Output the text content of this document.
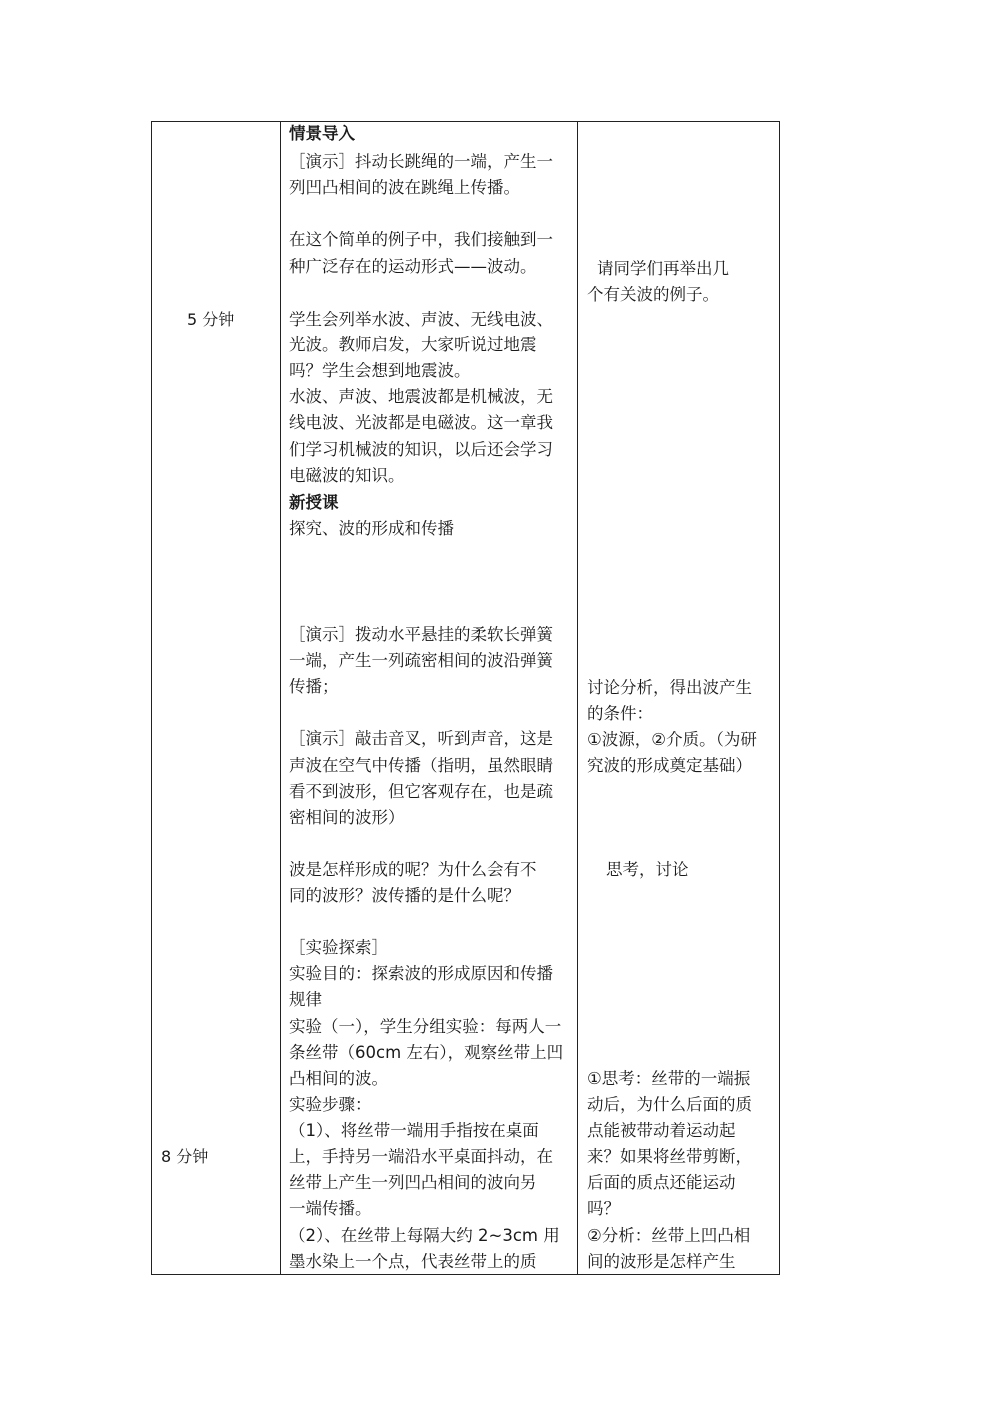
5 分钟
8 分钟
情景导入
［演示］抖动长跳绳的一端，产生一
列凹凸相间的波在跳绳上传播。
在这个简单的例子中，我们接触到一
种广泛存在的运动形式——波动。
学生会列举水波、声波、无线电波、
光波。教师启发，大家听说过地震
吗？学生会想到地震波。
水波、声波、地震波都是机械波，无
线电波、光波都是电磁波。这一章我
们学习机械波的知识，以后还会学习
电磁波的知识。
新授课
探究、波的形成和传播
［演示］拨动水平悬挂的柔软长弹簧
一端，产生一列疏密相间的波沿弹簧
传播；
［演示］敲击音叉，听到声音，这是
声波在空气中传播（指明，虽然眼睛
看不到波形，但它客观存在，也是疏
密相间的波形）
波是怎样形成的呢？为什么会有不
同的波形？波传播的是什么呢？
［实验探索］
实验目的：探索波的形成原因和传播
规律
实验（一），学生分组实验：每两人一
条丝带（60cm 左右），观察丝带上凹
凸相间的波。
实验步骤：
（1）、将丝带一端用手指按在桌面
上，手持另一端沿水平桌面抖动，在
丝带上产生一列凹凸相间的波向另
一端传播。
（2）、在丝带上每隔大约 2~3cm 用
墨水染上一个点，代表丝带上的质
请同学们再举出几
个有关波的例子。
讨论分析，得出波产生
的条件：
①波源，②介质。（为研
究波的形成奠定基础）
思考，讨论
①思考：丝带的一端振
动后，为什么后面的质
点能被带动着运动起
来？如果将丝带剪断，
后面的质点还能运动
吗？
②分析：丝带上凹凸相
间的波形是怎样产生
